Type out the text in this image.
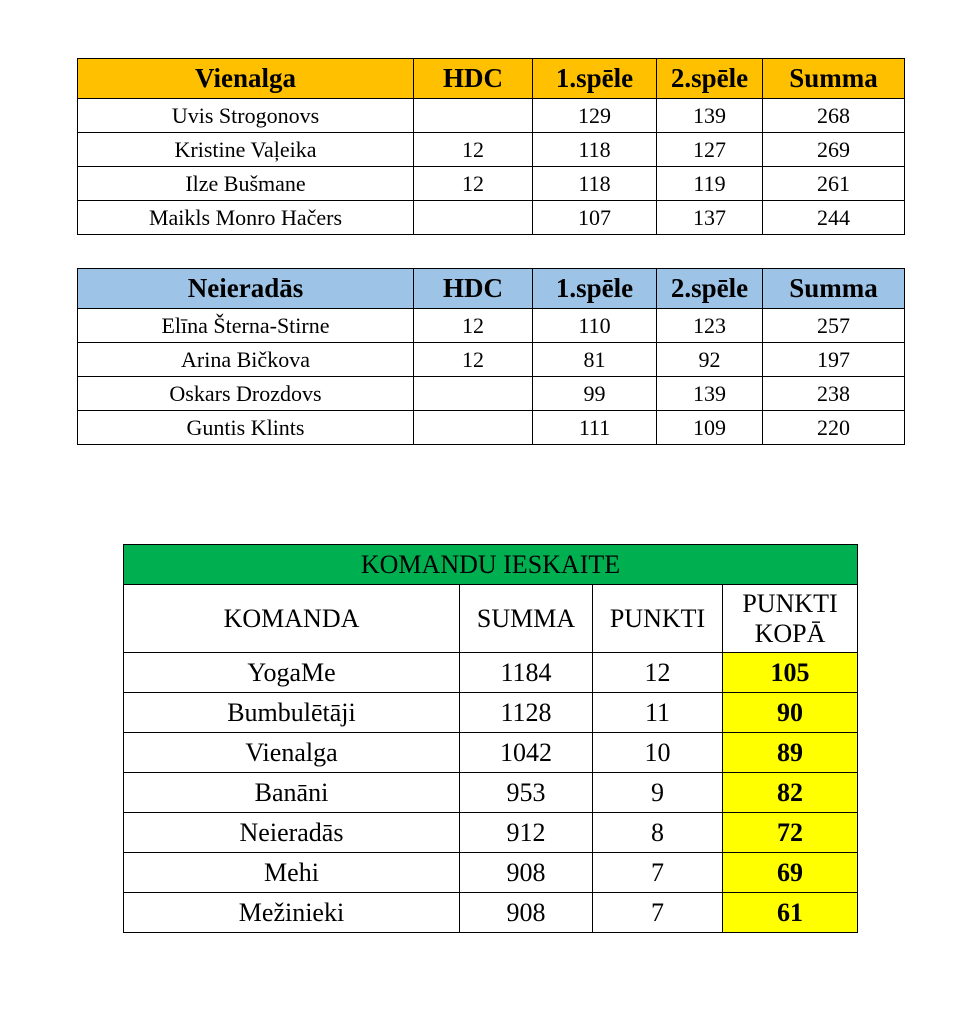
Vienalga	HDC	1.spēle	2.spēle	Summa
Uvis Strogonovs		129	139	268
Kristine Vaļeika	12	118	127	269
Ilze Bušmane	12	118	119	261
Maikls Monro Hačers		107	137	244
Neieradās	HDC	1.spēle	2.spēle	Summa
Elīna Šterna-Stirne	12	110	123	257
Arina Bičkova	12	81	92	197
Oskars Drozdovs		99	139	238
Guntis Klints		111	109	220
KOMANDU IESKAITE			
KOMANDA	SUMMA	PUNKTI	PUNKTI
KOPĀ
YogaMe	1184	12	105
Bumbulētāji	1128	11	90
Vienalga	1042	10	89
Banāni	953	9	82
Neieradās	912	8	72
Mehi	908	7	69
Mežinieki	908	7	61
